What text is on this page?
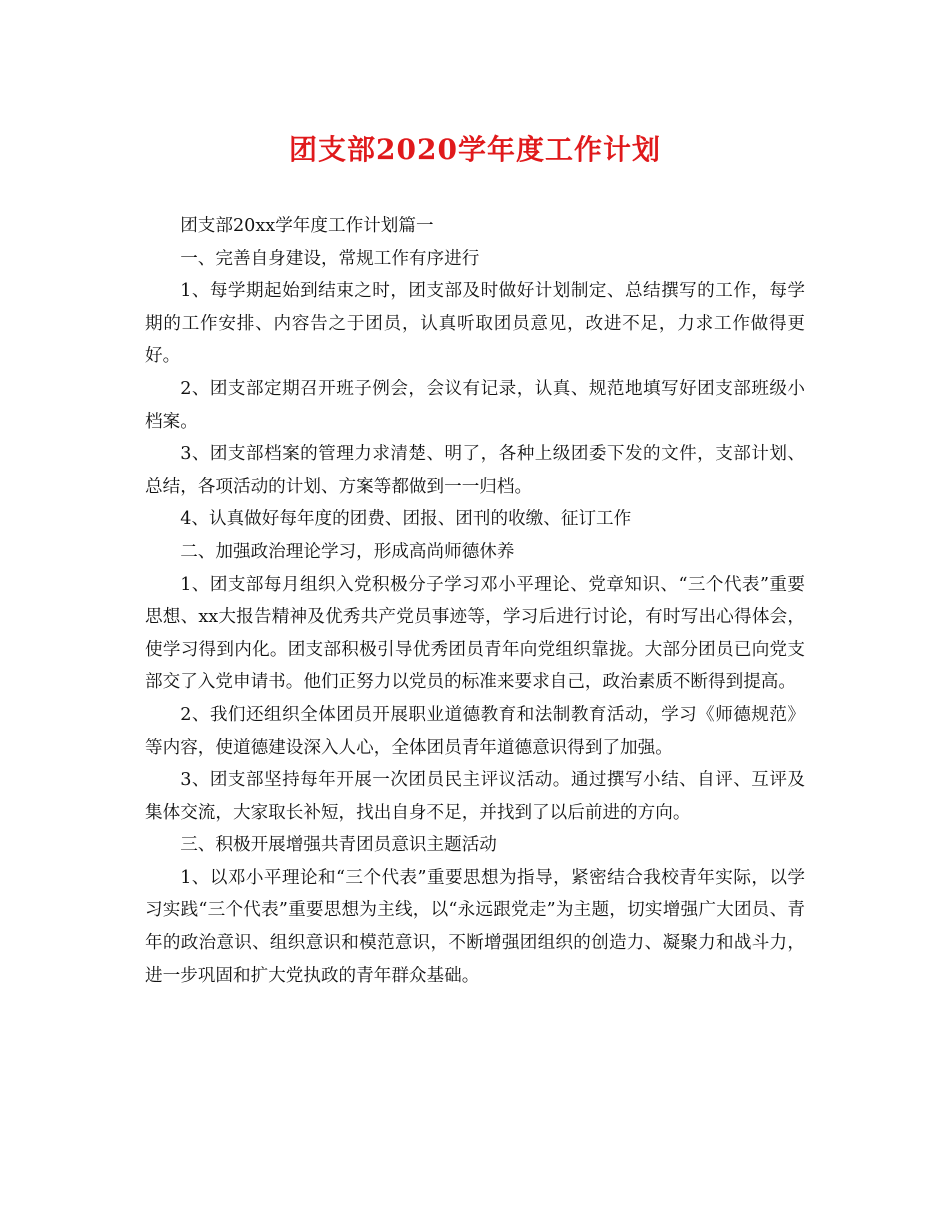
团支部2020学年度工作计划

团支部20xx学年度工作计划篇一

一、完善自身建设，常规工作有序进行

1、每学期起始到结束之时，团支部及时做好计划制定、总结撰写的工作，每学期的工作安排、内容告之于团员，认真听取团员意见，改进不足，力求工作做得更好。

2、团支部定期召开班子例会，会议有记录，认真、规范地填写好团支部班级小档案。

3、团支部档案的管理力求清楚、明了，各种上级团委下发的文件，支部计划、总结，各项活动的计划、方案等都做到一一归档。

4、认真做好每年度的团费、团报、团刊的收缴、征订工作

二、加强政治理论学习，形成高尚师德休养

1、团支部每月组织入党积极分子学习邓小平理论、党章知识、“三个代表”重要思想、xx大报告精神及优秀共产党员事迹等，学习后进行讨论，有时写出心得体会，使学习得到内化。团支部积极引导优秀团员青年向党组织靠拢。大部分团员已向党支部交了入党申请书。他们正努力以党员的标准来要求自己，政治素质不断得到提高。

2、我们还组织全体团员开展职业道德教育和法制教育活动，学习《师德规范》等内容，使道德建设深入人心，全体团员青年道德意识得到了加强。

3、团支部坚持每年开展一次团员民主评议活动。通过撰写小结、自评、互评及集体交流，大家取长补短，找出自身不足，并找到了以后前进的方向。

三、积极开展增强共青团员意识主题活动

1、以邓小平理论和“三个代表”重要思想为指导，紧密结合我校青年实际，以学习实践“三个代表”重要思想为主线，以“永远跟党走”为主题，切实增强广大团员、青年的政治意识、组织意识和模范意识，不断增强团组织的创造力、凝聚力和战斗力，进一步巩固和扩大党执政的青年群众基础。
